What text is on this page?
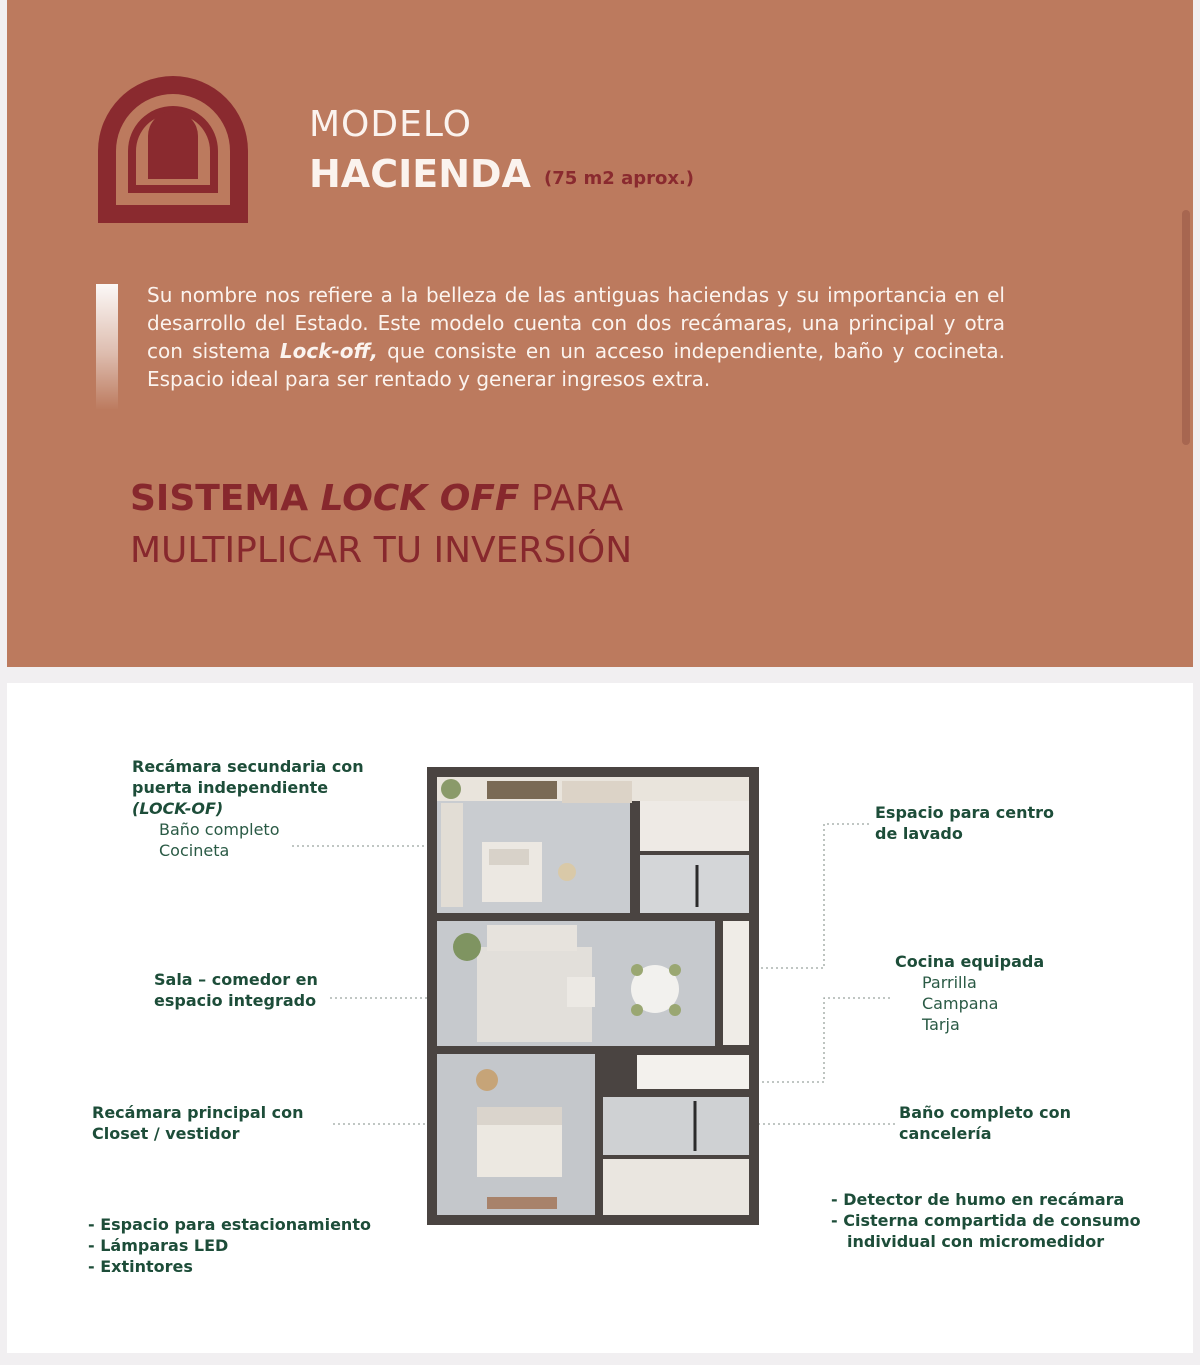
MODELO
HACIENDA (75 m2 aprox.)
Su nombre nos refiere a la belleza de las antiguas haciendas y su importancia en el desarrollo del Estado. Este modelo cuenta con dos recámaras, una principal y otra con sistema Lock-off, que consiste en un acceso independiente, baño y cocineta. Espacio ideal para ser rentado y generar ingresos extra.
SISTEMA LOCK OFF PARA
MULTIPLICAR TU INVERSIÓN
Recámara secundaria con
puerta independiente
(LOCK-OF)
Baño completo
Cocineta
Sala – comedor en
espacio integrado
Recámara principal con
Closet / vestidor
- Espacio para estacionamiento
- Lámparas LED
- Extintores
Espacio para centro
de lavado
Cocina equipada
Parrilla
Campana
Tarja
Baño completo con
cancelería
- Detector de humo en recámara
- Cisterna compartida de consumo
individual con micromedidor
